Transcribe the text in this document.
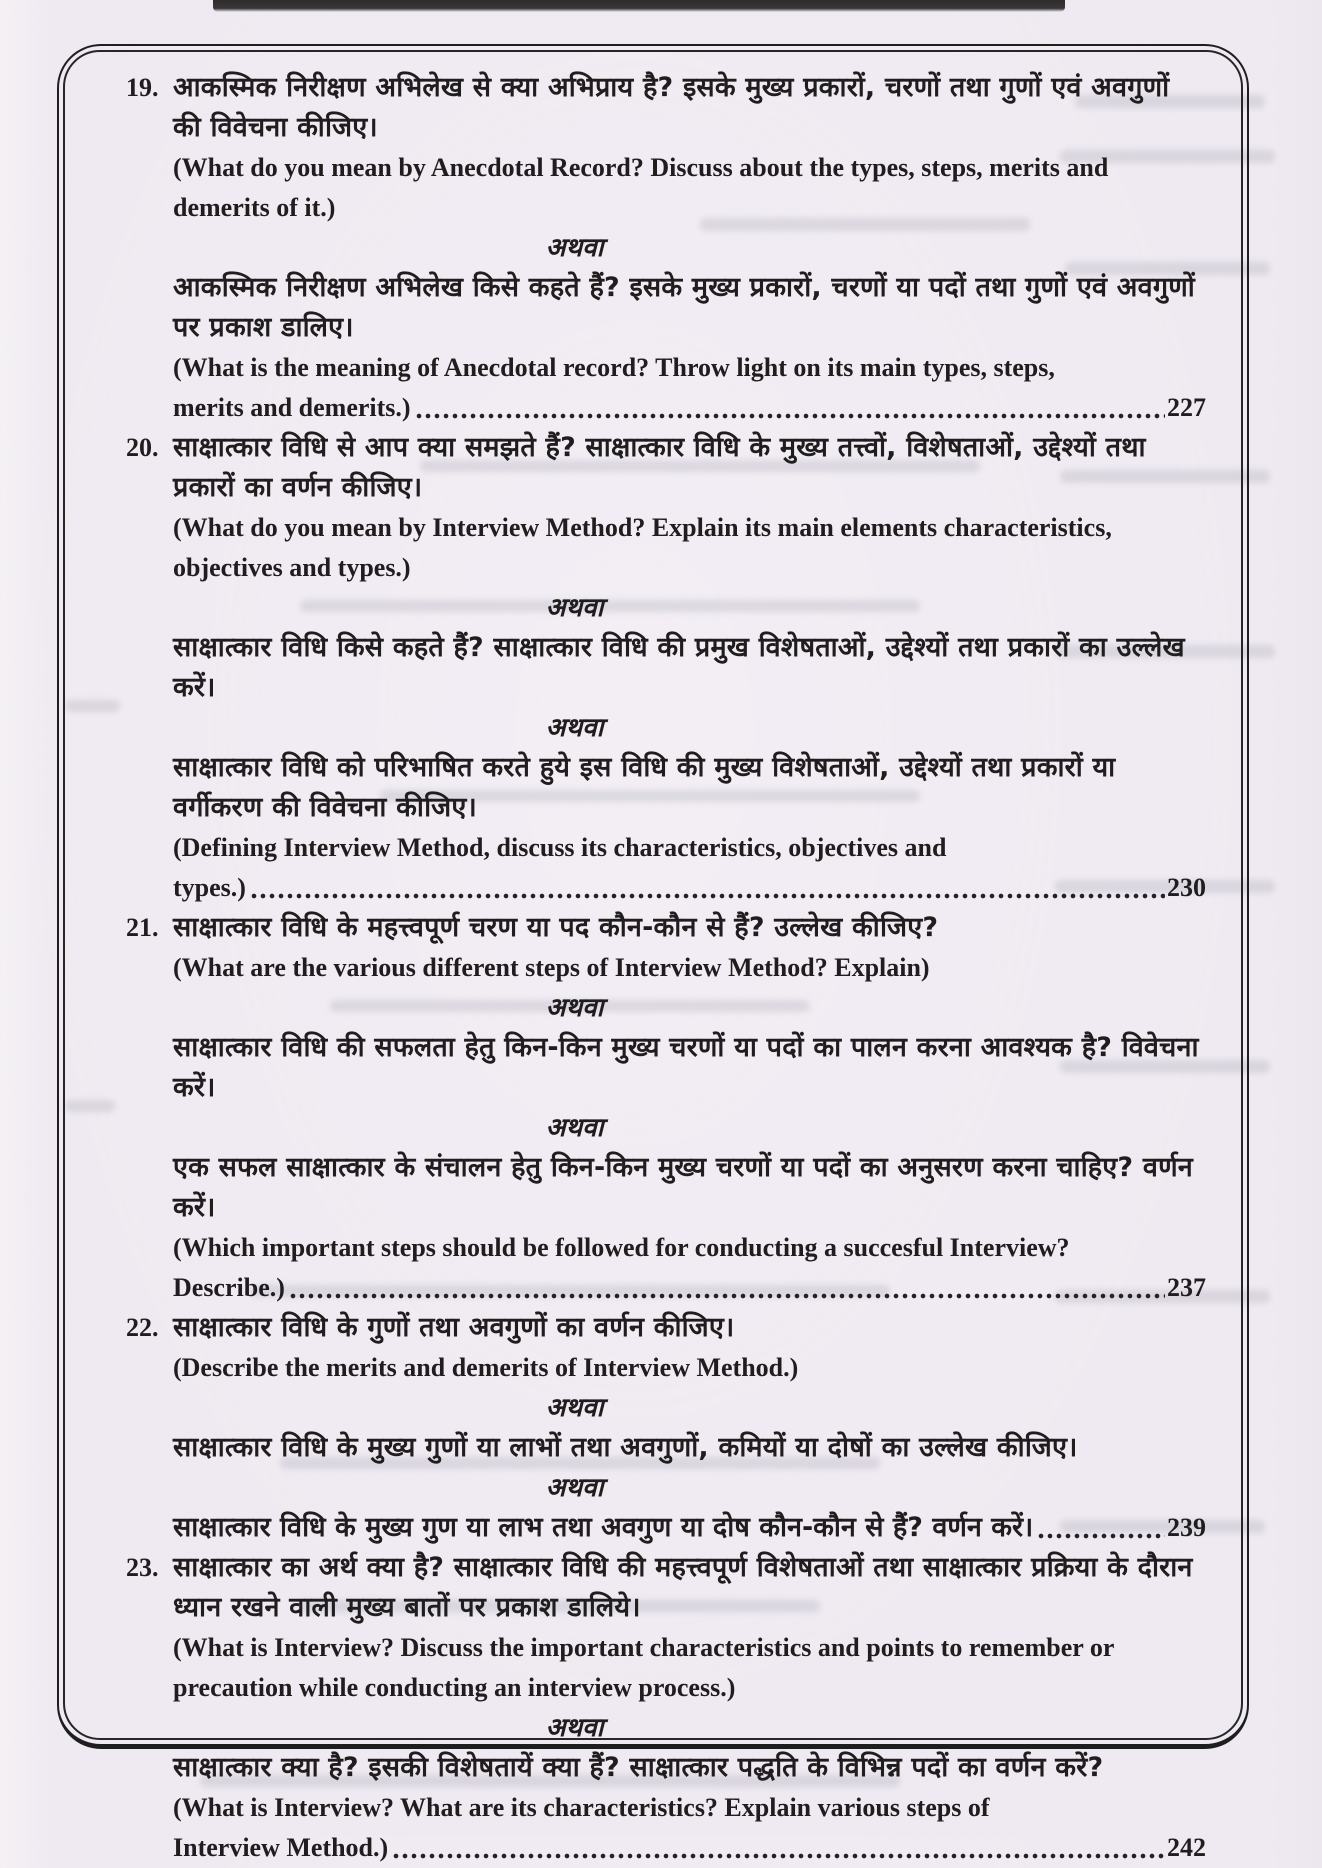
19. आकस्मिक निरीक्षण अभिलेख से क्या अभिप्राय है? इसके मुख्य प्रकारों, चरणों तथा गुणों एवं अवगुणों की विवेचना कीजिए।

(What do you mean by Anecdotal Record? Discuss about the types, steps, merits and demerits of it.)

अथवा

आकस्मिक निरीक्षण अभिलेख किसे कहते हैं? इसके मुख्य प्रकारों, चरणों या पदों तथा गुणों एवं अवगुणों पर प्रकाश डालिए।

(What is the meaning of Anecdotal record? Throw light on its main types, steps,

merits and demerits.)	227
20. साक्षात्कार विधि से आप क्या समझते हैं? साक्षात्कार विधि के मुख्य तत्त्वों, विशेषताओं, उद्देश्यों तथा प्रकारों का वर्णन कीजिए।

(What do you mean by Interview Method? Explain its main elements characteristics, objectives and types.)

अथवा

साक्षात्कार विधि किसे कहते हैं? साक्षात्कार विधि की प्रमुख विशेषताओं, उद्देश्यों तथा प्रकारों का उल्लेख करें।

अथवा

साक्षात्कार विधि को परिभाषित करते हुये इस विधि की मुख्य विशेषताओं, उद्देश्यों तथा प्रकारों या वर्गीकरण की विवेचना कीजिए।

(Defining Interview Method, discuss its characteristics, objectives and

types.)	230
21. साक्षात्कार विधि के महत्त्वपूर्ण चरण या पद कौन-कौन से हैं? उल्लेख कीजिए?

(What are the various different steps of Interview Method? Explain)

अथवा

साक्षात्कार विधि की सफलता हेतु किन-किन मुख्य चरणों या पदों का पालन करना आवश्यक है? विवेचना करें।

अथवा

एक सफल साक्षात्कार के संचालन हेतु किन-किन मुख्य चरणों या पदों का अनुसरण करना चाहिए? वर्णन करें।

(Which important steps should be followed for conducting a succesful Interview?

Describe.)	237
22. साक्षात्कार विधि के गुणों तथा अवगुणों का वर्णन कीजिए।

(Describe the merits and demerits of Interview Method.)

अथवा

साक्षात्कार विधि के मुख्य गुणों या लाभों तथा अवगुणों, कमियों या दोषों का उल्लेख कीजिए।

अथवा

साक्षात्कार विधि के मुख्य गुण या लाभ तथा अवगुण या दोष कौन-कौन से हैं? वर्णन करें।	239
23. साक्षात्कार का अर्थ क्या है? साक्षात्कार विधि की महत्त्वपूर्ण विशेषताओं तथा साक्षात्कार प्रक्रिया के दौरान ध्यान रखने वाली मुख्य बातों पर प्रकाश डालिये।

(What is Interview? Discuss the important characteristics and points to remember or precaution while conducting an interview process.)

अथवा

साक्षात्कार क्या है? इसकी विशेषतायें क्या हैं? साक्षात्कार पद्धति के विभिन्न पदों का वर्णन करें?

(What is Interview? What are its characteristics? Explain various steps of

Interview Method.)	242
